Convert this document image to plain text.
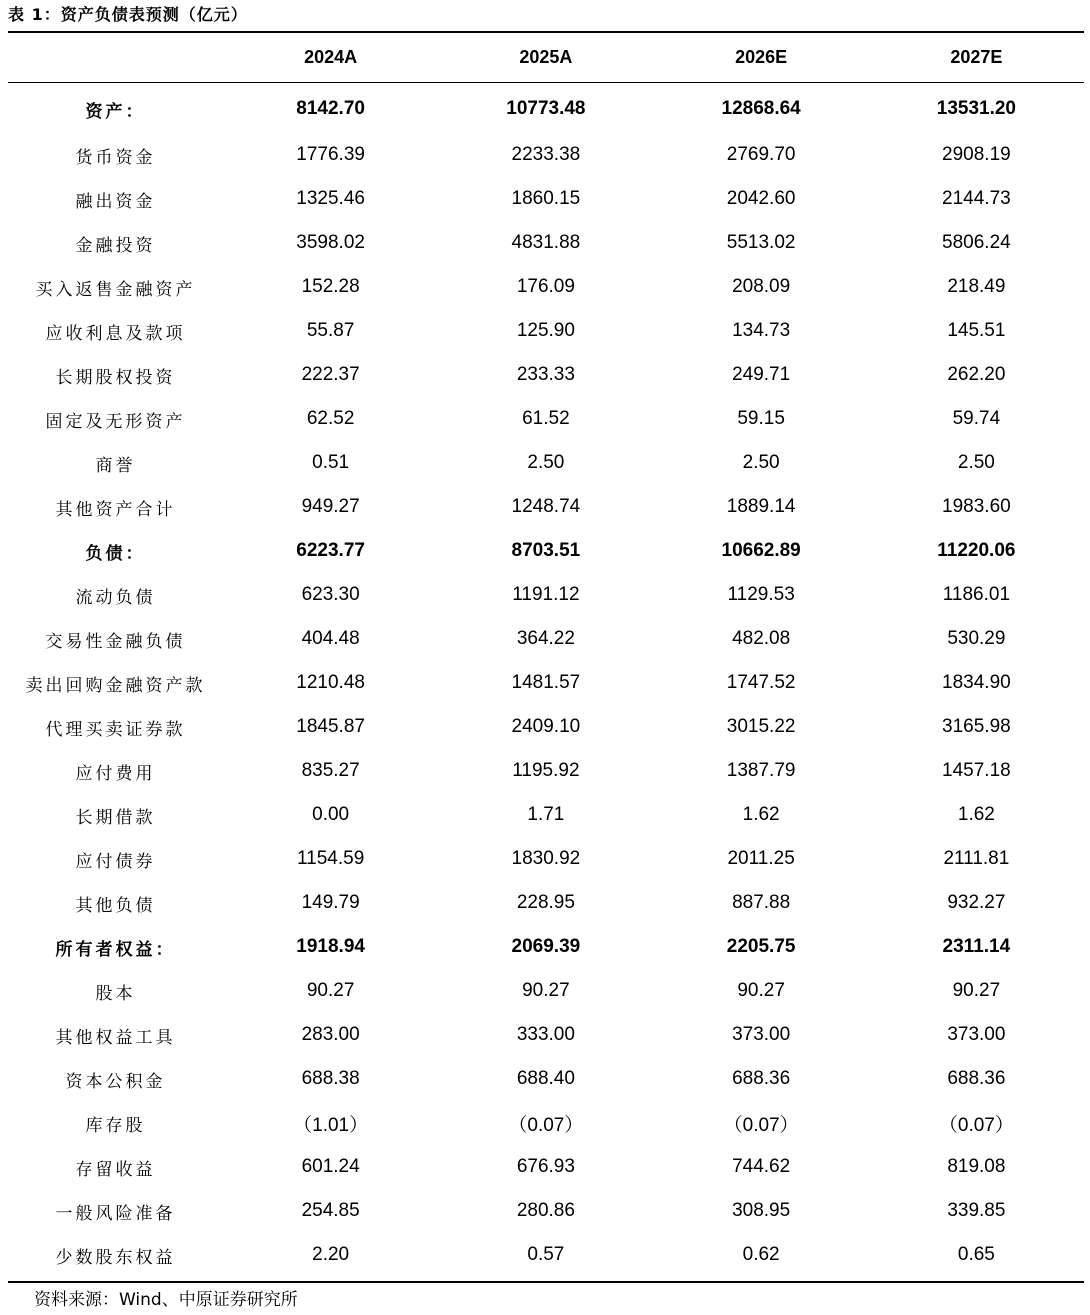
表 1：资产负债表预测（亿元）
	2024A	2025A	2026E	2027E

资产：	8142.70	10773.48	12868.64	13531.20
货币资金	1776.39	2233.38	2769.70	2908.19
融出资金	1325.46	1860.15	2042.60	2144.73
金融投资	3598.02	4831.88	5513.02	5806.24
买入返售金融资产	152.28	176.09	208.09	218.49
应收利息及款项	55.87	125.90	134.73	145.51
长期股权投资	222.37	233.33	249.71	262.20
固定及无形资产	62.52	61.52	59.15	59.74
商誉	0.51	2.50	2.50	2.50
其他资产合计	949.27	1248.74	1889.14	1983.60
负债：	6223.77	8703.51	10662.89	11220.06
流动负债	623.30	1191.12	1129.53	1186.01
交易性金融负债	404.48	364.22	482.08	530.29
卖出回购金融资产款	1210.48	1481.57	1747.52	1834.90
代理买卖证券款	1845.87	2409.10	3015.22	3165.98
应付费用	835.27	1195.92	1387.79	1457.18
长期借款	0.00	1.71	1.62	1.62
应付债券	1154.59	1830.92	2011.25	2111.81
其他负债	149.79	228.95	887.88	932.27
所有者权益：	1918.94	2069.39	2205.75	2311.14
股本	90.27	90.27	90.27	90.27
其他权益工具	283.00	333.00	373.00	373.00
资本公积金	688.38	688.40	688.36	688.36
库存股	（1.01）	（0.07）	（0.07）	（0.07）
存留收益	601.24	676.93	744.62	819.08
一般风险准备	254.85	280.86	308.95	339.85
少数股东权益	2.20	0.57	0.62	0.65
资料来源：Wind、中原证券研究所
